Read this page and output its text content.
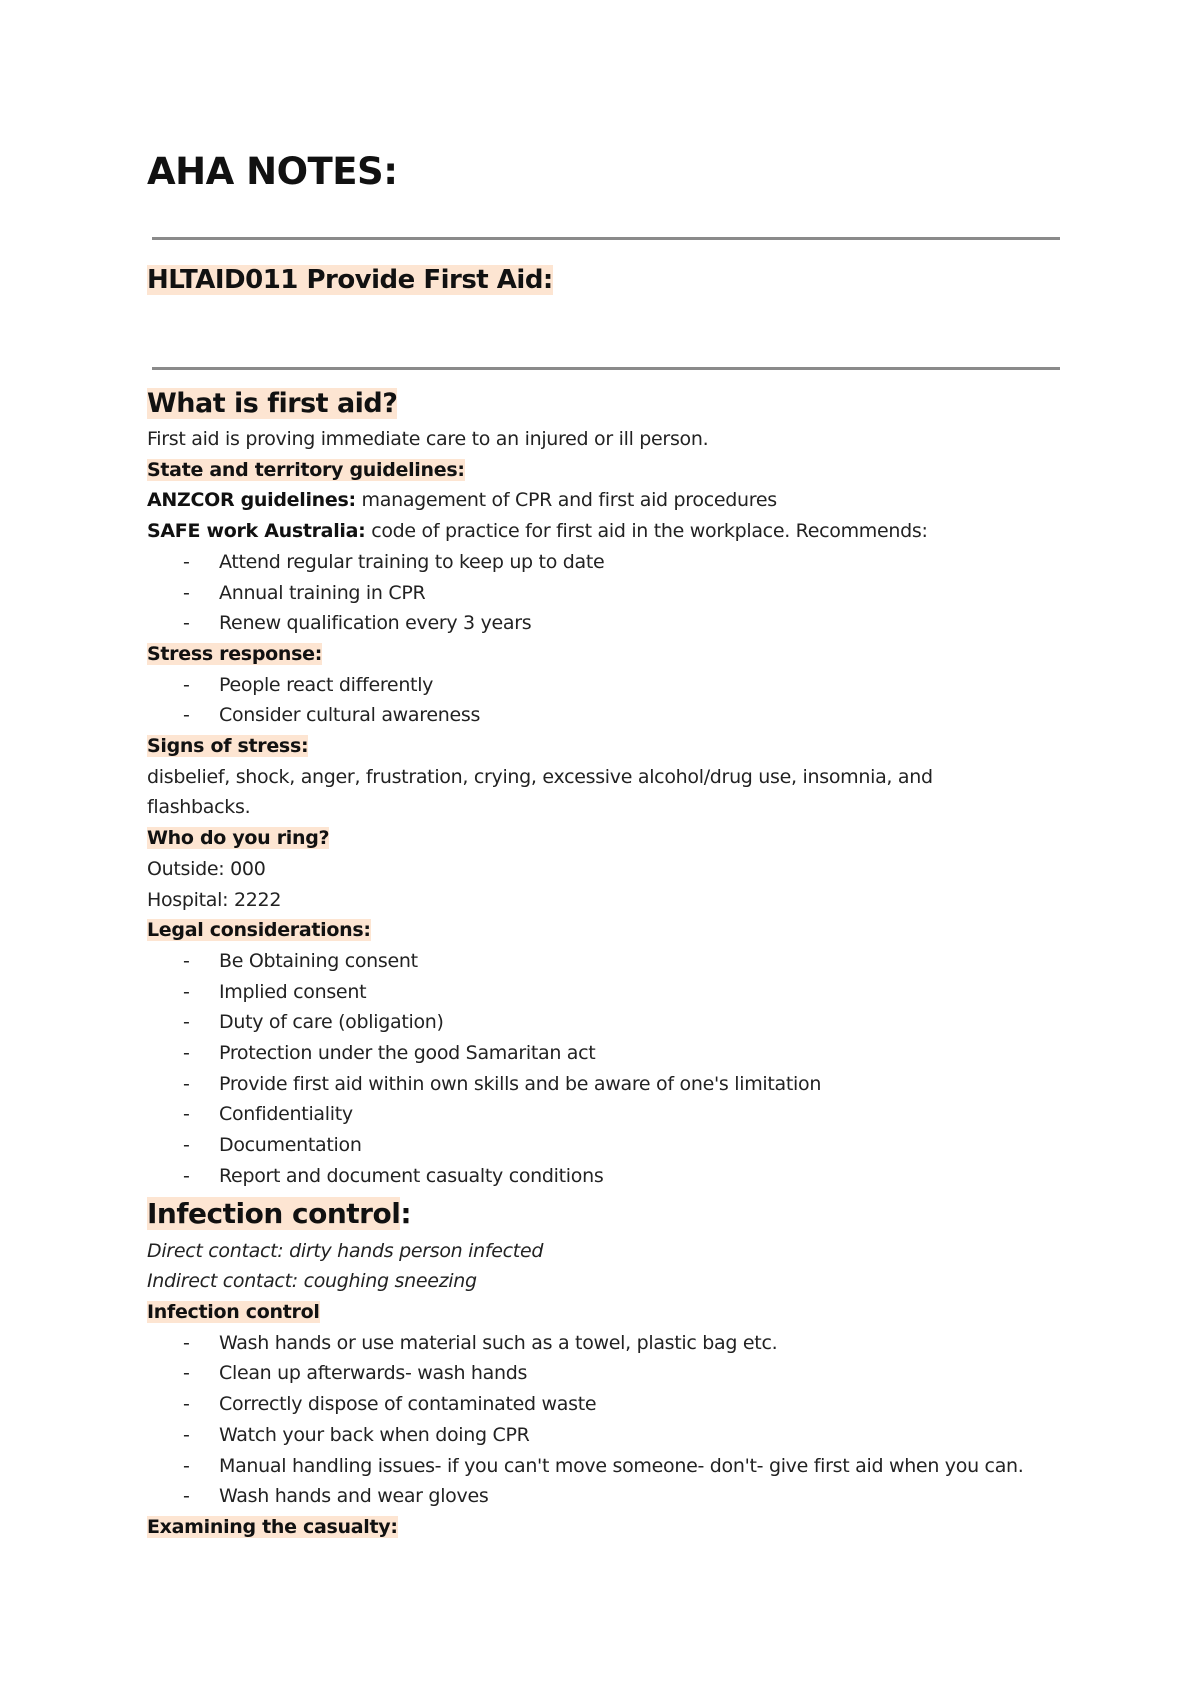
AHA NOTES:
HLTAID011 Provide First Aid:

What is first aid?

First aid is proving immediate care to an injured or ill person.

State and territory guidelines:

ANZCOR guidelines: management of CPR and first aid procedures

SAFE work Australia: code of practice for first aid in the workplace. Recommends:

- Attend regular training to keep up to date
- Annual training in CPR
- Renew qualification every 3 years

Stress response:

- People react differently
- Consider cultural awareness

Signs of stress:

disbelief, shock, anger, frustration, crying, excessive alcohol/drug use, insomnia, and flashbacks.

Who do you ring?

Outside: 000

Hospital: 2222

Legal considerations:

- Be Obtaining consent
- Implied consent
- Duty of care (obligation)
- Protection under the good Samaritan act
- Provide first aid within own skills and be aware of one's limitation
- Confidentiality
- Documentation
- Report and document casualty conditions

Infection control:

Direct contact: dirty hands person infected

Indirect contact: coughing sneezing

Infection control

- Wash hands or use material such as a towel, plastic bag etc.
- Clean up afterwards- wash hands
- Correctly dispose of contaminated waste
- Watch your back when doing CPR
- Manual handling issues- if you can't move someone- don't- give first aid when you can.
- Wash hands and wear gloves

Examining the casualty:
